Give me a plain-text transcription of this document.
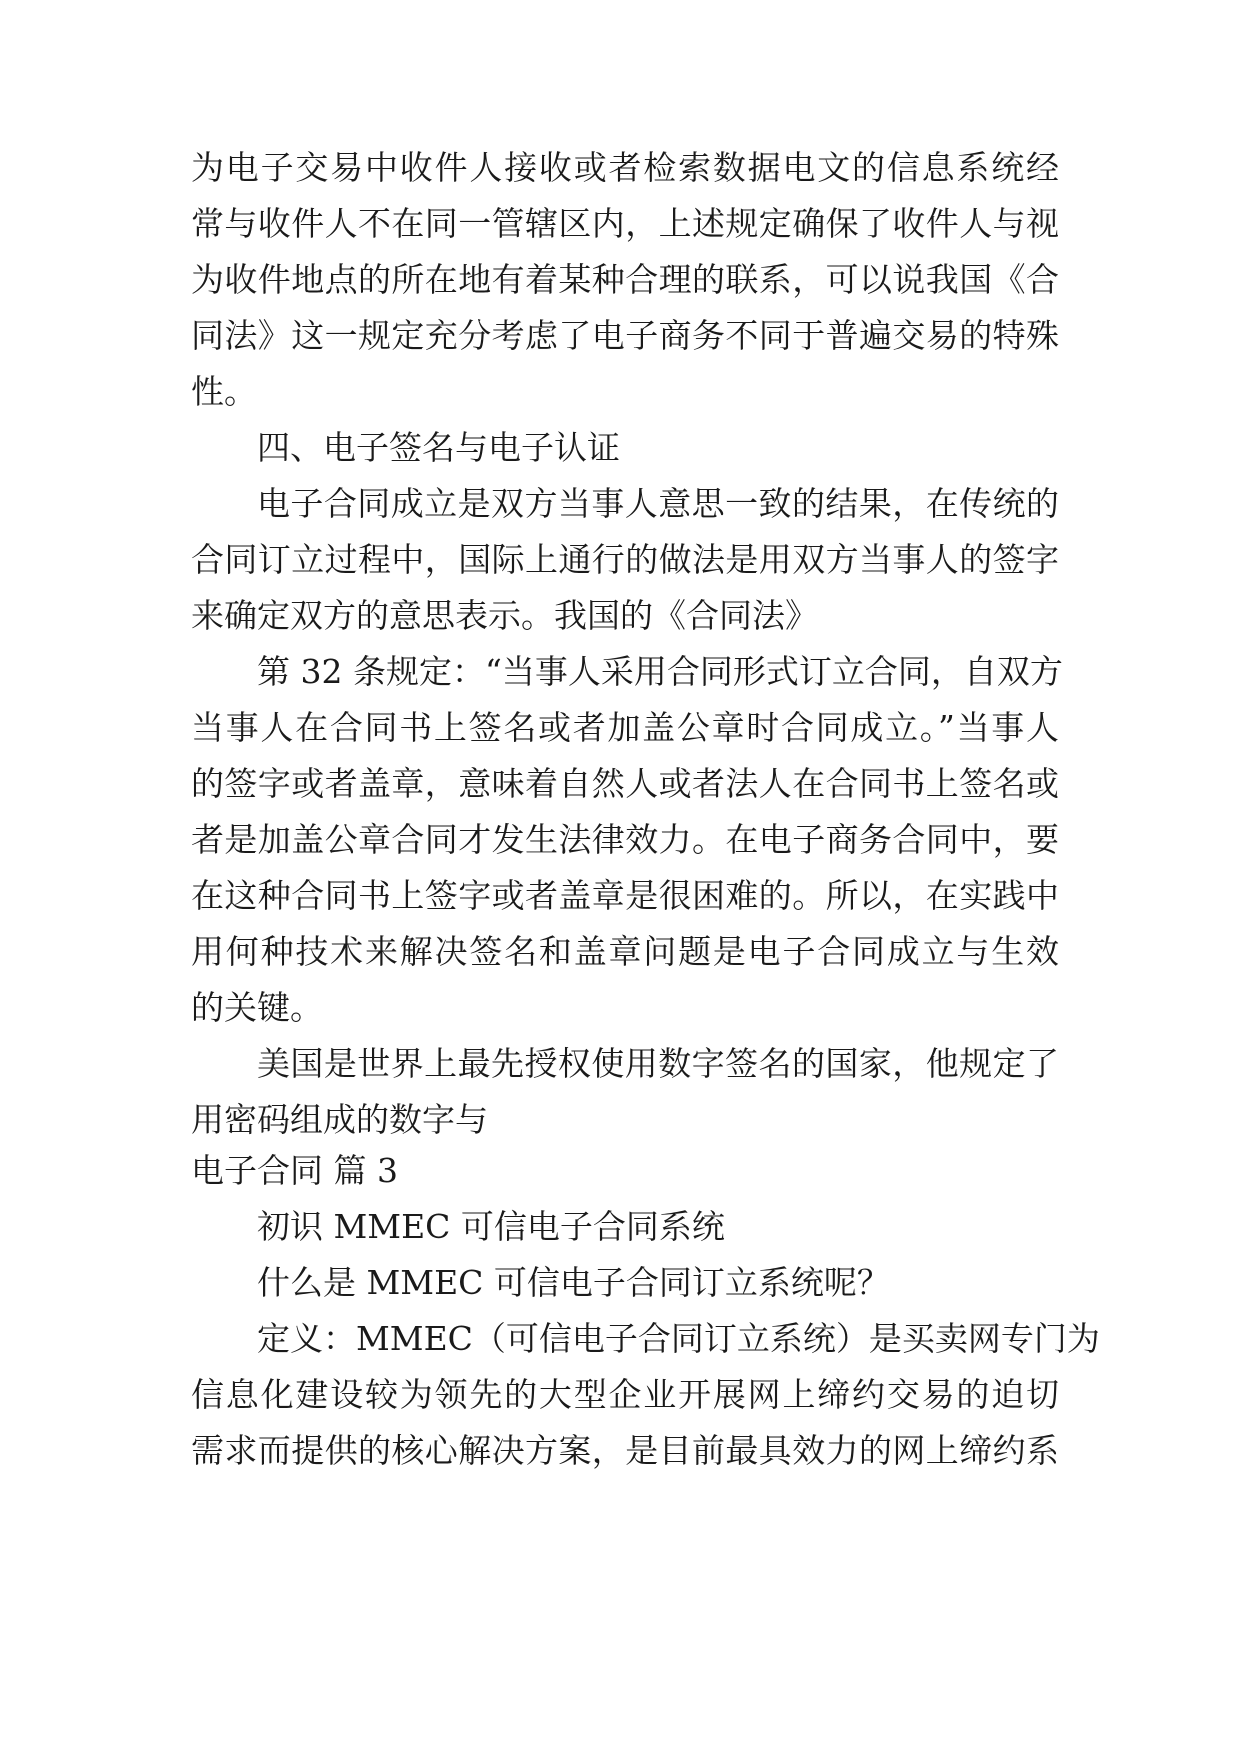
为电子交易中收件人接收或者检索数据电文的信息系统经
常与收件人不在同一管辖区内，上述规定确保了收件人与视
为收件地点的所在地有着某种合理的联系，可以说我国《合
同法》这一规定充分考虑了电子商务不同于普遍交易的特殊
性。
四、电子签名与电子认证
电子合同成立是双方当事人意思一致的结果，在传统的
合同订立过程中，国际上通行的做法是用双方当事人的签字
来确定双方的意思表示。我国的《合同法》
第 32 条规定：“当事人采用合同形式订立合同，自双方
当事人在合同书上签名或者加盖公章时合同成立。”当事人
的签字或者盖章，意味着自然人或者法人在合同书上签名或
者是加盖公章合同才发生法律效力。在电子商务合同中，要
在这种合同书上签字或者盖章是很困难的。所以，在实践中
用何种技术来解决签名和盖章问题是电子合同成立与生效
的关键。
美国是世界上最先授权使用数字签名的国家，他规定了
用密码组成的数字与
电子合同 篇 3
初识 MMEC 可信电子合同系统
什么是 MMEC 可信电子合同订立系统呢？
定义：MMEC（可信电子合同订立系统）是买卖网专门为
信息化建设较为领先的大型企业开展网上缔约交易的迫切
需求而提供的核心解决方案，是目前最具效力的网上缔约系
